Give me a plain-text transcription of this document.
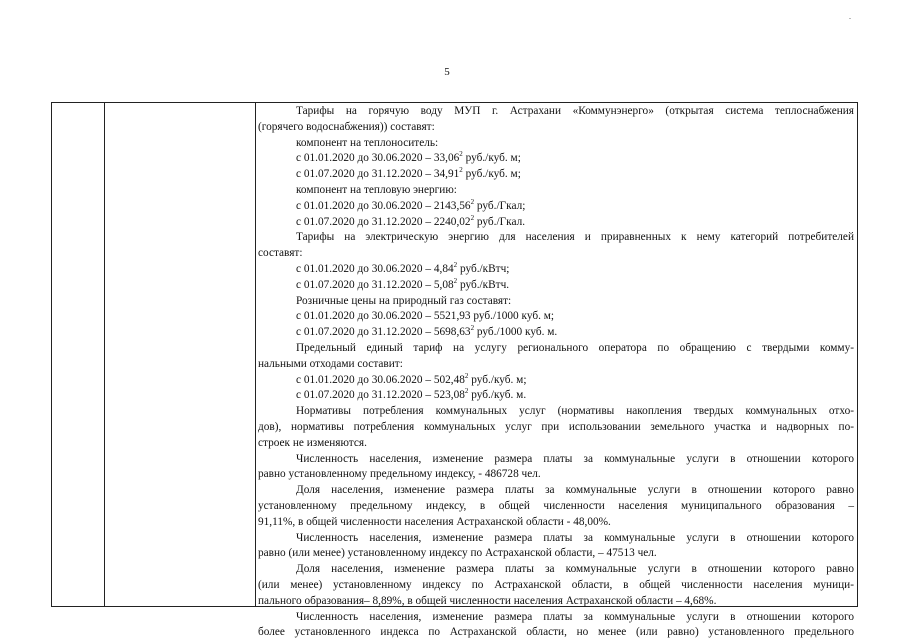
5
Тарифы на горячую воду МУП г. Астрахани «Коммунэнерго» (открытая система теплоснабжения
(горячего водоснабжения)) составят:
компонент на теплоноситель:
с 01.01.2020 до 30.06.2020 – 33,06$^2$ руб./куб. м;
с 01.07.2020 до 31.12.2020 – 34,91$^2$ руб./куб. м;
компонент на тепловую энергию:
с 01.01.2020 до 30.06.2020 – 2143,56$^2$ руб./Гкал;
с 01.07.2020 до 31.12.2020 – 2240,02$^2$ руб./Гкал.
Тарифы на электрическую энергию для населения и приравненных к нему категорий потребителей
составят:
с 01.01.2020 до 30.06.2020 – 4,84$^2$ руб./кВтч;
с 01.07.2020 до 31.12.2020 – 5,08$^2$ руб./кВтч.
Розничные цены на природный газ составят:
с 01.01.2020 до 30.06.2020 – 5521,93 руб./1000 куб. м;
с 01.07.2020 до 31.12.2020 – 5698,63$^2$ руб./1000 куб. м.
Предельный единый тариф на услугу регионального оператора по обращению с твердыми комму-
нальными отходами составит:
с 01.01.2020 до 30.06.2020 – 502,48$^2$ руб./куб. м;
с 01.07.2020 до 31.12.2020 – 523,08$^2$ руб./куб. м.
Нормативы потребления коммунальных услуг (нормативы накопления твердых коммунальных отхо-
дов), нормативы потребления коммунальных услуг при использовании земельного участка и надворных по-
строек не изменяются.
Численность населения, изменение размера платы за коммунальные услуги в отношении которого
равно установленному предельному индексу, - 486728 чел.
Доля населения, изменение размера платы за коммунальные услуги в отношении которого равно
установленному предельному индексу, в общей численности населения муниципального образования –
91,11%, в общей численности населения Астраханской области - 48,00%.
Численность населения, изменение размера платы за коммунальные услуги в отношении которого
равно (или менее) установленному индексу по Астраханской области, – 47513 чел.
Доля населения, изменение размера платы за коммунальные услуги в отношении которого равно
(или менее) установленному индексу по Астраханской области, в общей численности населения муници-
пального образования– 8,89%, в общей численности населения Астраханской области – 4,68%.
Численность населения, изменение размера платы за коммунальные услуги в отношении которого
более установленного индекса по Астраханской области, но менее (или равно) установленного предельного
